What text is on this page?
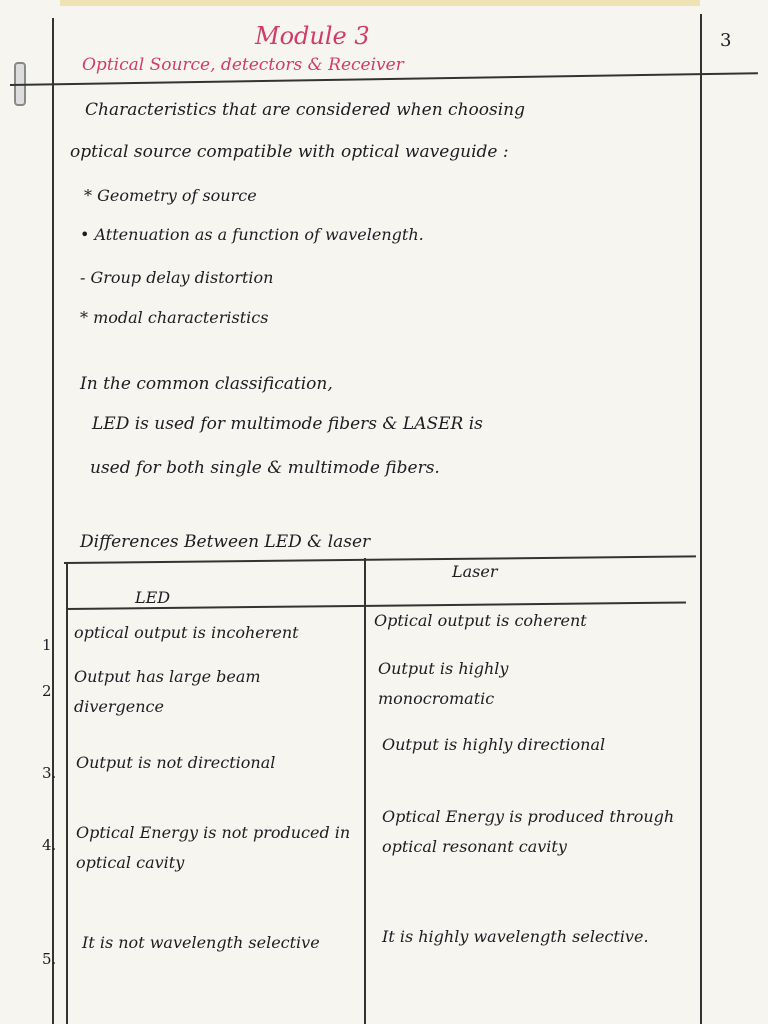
Module 3
Optical Source, detectors & Receiver
3
Characteristics that are considered when choosing
optical source compatible with optical waveguide :
* Geometry of source
• Attenuation as a function of wavelength.
- Group delay distortion
* modal characteristics
In the common classification,
LED is used for multimode fibers & LASER is
used for both single & multimode fibers.
Differences Between LED & laser
LED
Laser
1
optical output is incoherent
Optical output is coherent
2
Output has large beam divergence
Output is highly monocromatic
3.
Output is not directional
Output is highly directional
4.
Optical Energy is not produced in optical cavity
Optical Energy is produced through optical resonant cavity
5.
It is not wavelength selective	It is highly wavelength selective.
